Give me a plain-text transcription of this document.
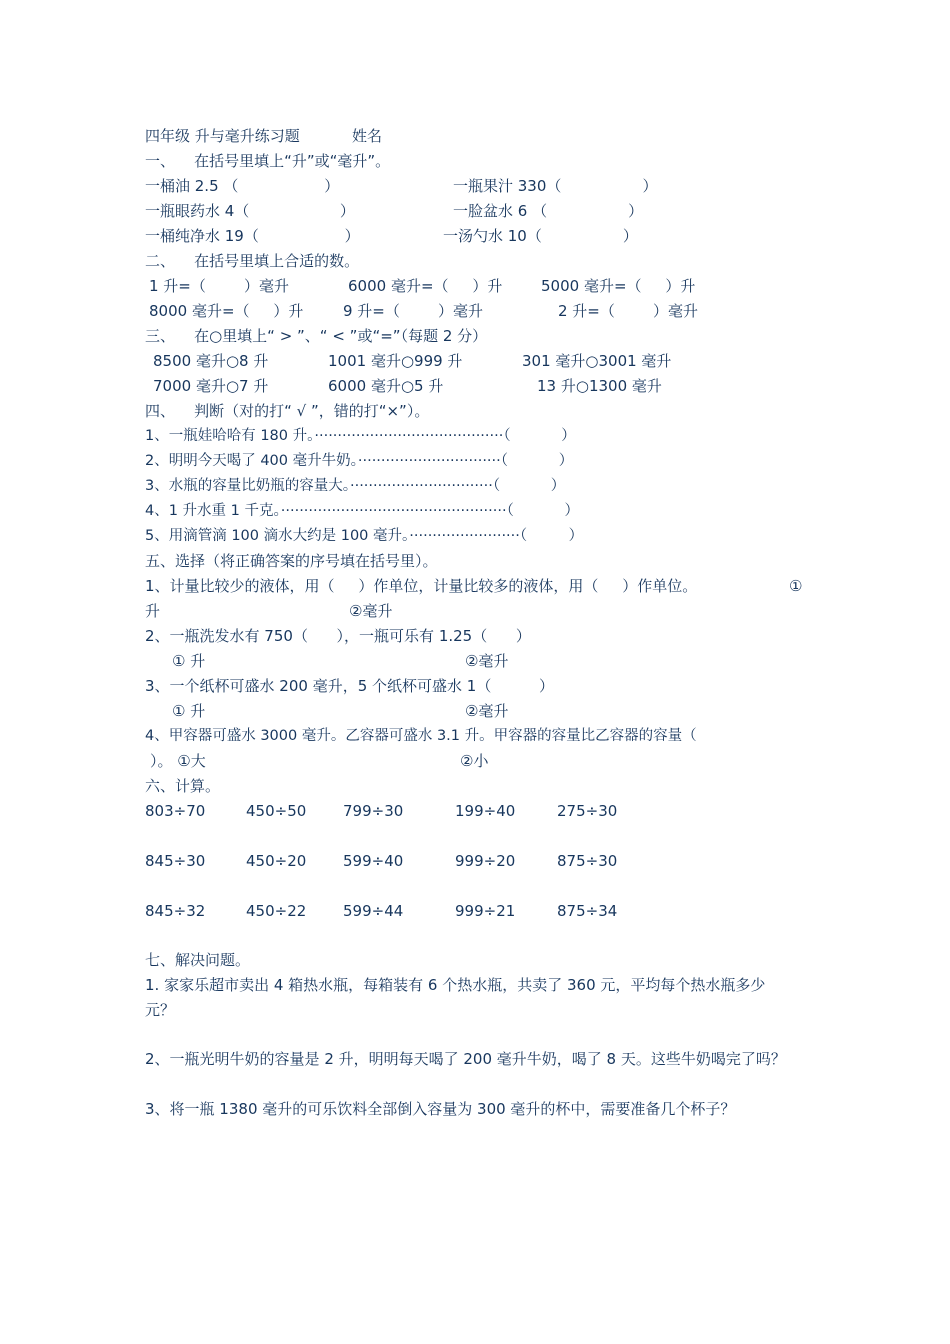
四年级 升与毫升练习题	姓名
一、    在括号里填上“升”或“毫升”。
一桶油 2.5 （                  ）	一瓶果汁 330（                 ）
一瓶眼药水 4（                   ）	一脸盆水 6 （                 ）
一桶纯净水 19（                  ）	一汤勺水 10（                 ）
二、    在括号里填上合适的数。
1 升=（        ）毫升	6000 毫升=（     ）升	5000 毫升=（     ）升
8000 毫升=（     ）升	9 升=（        ）毫升	2 升=（        ）毫升
三、    在○里填上“ > ”、“ < ”或“=”（每题 2 分）
8500 毫升○8 升	1001 毫升○999 升	301 毫升○3001 毫升
7000 毫升○7 升	6000 毫升○5 升	13 升○1300 毫升
四、    判断（对的打“ √ ”，错的打“×”）。
1、一瓶娃哈哈有 180 升。·········································（           ）
2、明明今天喝了 400 毫升牛奶。·······························（           ）
3、水瓶的容量比奶瓶的容量大。·······························（           ）
4、1 升水重 1 千克。·················································（           ）
5、用滴管滴 100 滴水大约是 100 毫升。························（         ）
五、选择（将正确答案的序号填在括号里）。
1、计量比较少的液体，用（     ）作单位，计量比较多的液体，用（     ）作单位。	①
升	②毫升
2、一瓶洗发水有 750（      ），一瓶可乐有 1.25（      ）
① 升	②毫升
3、一个纸杯可盛水 200 毫升，5 个纸杯可盛水 1（          ）
① 升	②毫升
4、甲容器可盛水 3000 毫升。乙容器可盛水 3.1 升。甲容器的容量比乙容器的容量（
）。 ①大	②小
六、计算。
803÷70	450÷50 799÷30	199÷40	275÷30
845÷30	450÷20 599÷40	999÷20	875÷30
845÷32	450÷22 599÷44	999÷21	875÷34
七、解决问题。
1. 家家乐超市卖出 4 箱热水瓶，每箱装有 6 个热水瓶，共卖了 360 元，平均每个热水瓶多少
元？
2、一瓶光明牛奶的容量是 2 升，明明每天喝了 200 毫升牛奶，喝了 8 天。这些牛奶喝完了吗？
3、将一瓶 1380 毫升的可乐饮料全部倒入容量为 300 毫升的杯中，需要准备几个杯子？
